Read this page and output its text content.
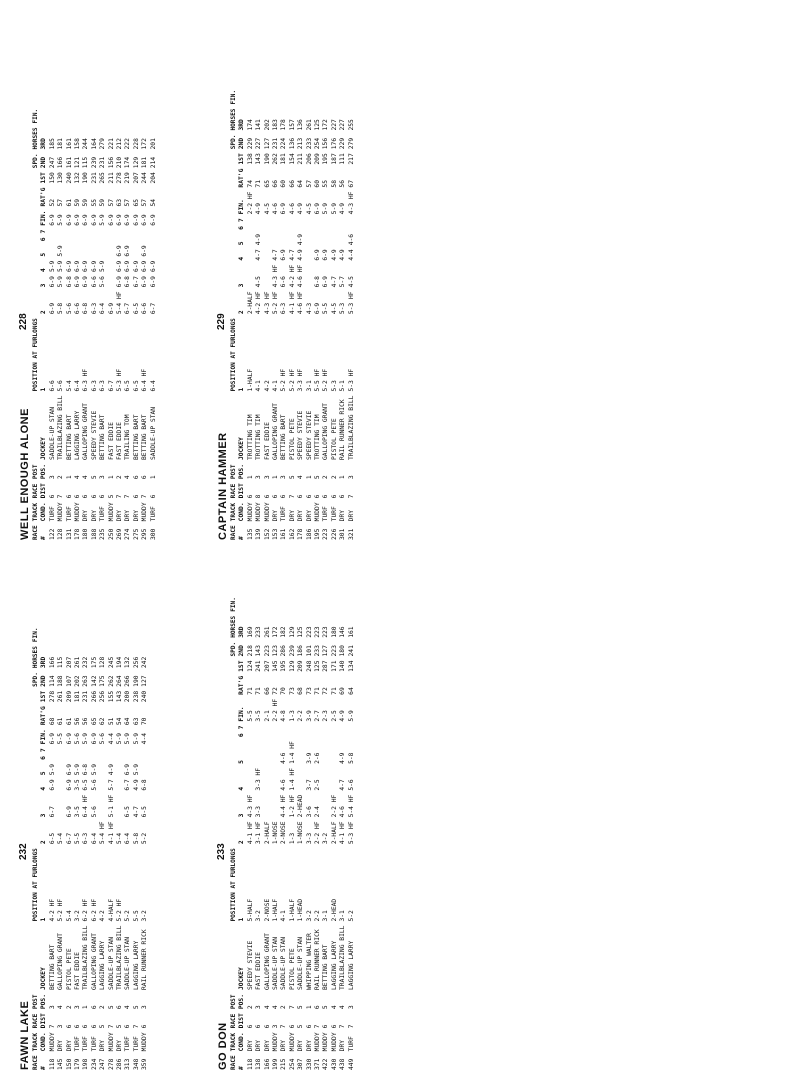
FAWN LAKE
232
RACE	TRACK	RACE	POST		POSITION AT FURLONGS										SPD.	HORSES	FIN.
#	COND.	DIST	POS.	JOCKEY	1	2	3	4	5	6	7	FIN.	RAT'G	1ST	2ND	3RD	
118	MUDDY	7	3	BETTING BART	4-2 HF	6-5	6-7	6-9	5-9			6-9	68	278	114	166	
145	DRY	3	4	GALLOPING GRANT	5-2 HF	5-4						5-5	61	261	188	115	
150	DRY	6	2	PISTOL PETE	5-4	6-7	6-9	6-9	6-9			6-9	61	209	107	207	
179	TURF	6	3	FAST EDDIE	3-2	5-5	3-5	3-5	5-9			5-6	56	181	202	261	
198	TURF	6	1	TRAILBLAZING BILL	6-2 HF	6-3	6-4 HF	6-5	6-8			5-9	56	231	263	232	
234	TURF	6	6	GALLOPING GRANT	6-2 HF	6-4	5-6	5-6	5-9			6-9	65	266	142	175	
247	DRY	5	2	LAGGING LARRY	4-2	5-4 HF						5-6	62	256	175	128	
278	MUDDY	7	5	SADDLE-UP STAN	4-HALF	4-1 HF	5-1 HF	5-7	4-9			4-4	51	155	262	245	
286	DRY	5	6	TRAILBLAZING BILL	5-2 HF	5-4						5-9	54	143	264	194	
313	TURF	6	4	SADDLE-UP STAN	5-2	6-4	6-5	6-7	6-9			5-9	64	200	266	132	
348	TURF	7	5	LAGGING LARRY	5-5	5-8	4-7	4-9	5-9			5-9	63	238	190	256	
359	MUDDY	6	3	RAIL RUNNER RICK	3-2	5-2	6-5	6-8				4-4	70	240	127	242	
GO DON
233
RACE	TRACK	RACE	POST		POSITION AT FURLONGS										SPD.	HORSES	FIN.
#	COND.	DIST	POS.	JOCKEY	1	2	3	4	5	6	7	FIN.	RAT'G	1ST	2ND	3RD	
118	DRY	6	2	SPEEDY STEVIE	5-HALF	4-1 HF	4-3 HF					5-5	71	124	218	169	
138	DRY	6	3	FAST EDDIE	3-2	3-1 HF	3-3	3-3 HF				3-5	71	241	143	233	
166	DRY	6	4	GALLOPING GRANT	2-NOSE	2-HALF						2-1	66	207	223	261	
199	MUDDY	3	4	SADDLE-UP STAN	1-HALF	1-NOSE						2-2 HF	72	145	123	172	
215	DRY	7	2	SADDLE-UP STAN	4-1	2-NOSE	4-4 HF	4-6	4-6			4-8	70	195	286	182	
254	MUDDY	6	7	PISTOL PETE	1-HALF	1-3	1-2 HF	1-4 HF	1-4 HF			1-3	73	129	239	129	
307	DRY	5	5	SADDLE-UP STAN	1-HEAD	1-NOSE	2-HEAD					2-2	68	209	186	125	
330	DRY	6	1	WHIPPING WALTER	3-2	3-3	3-6	3-7	3-9			3-9	73	248	101	223	
371	MUDDY	7	6	RAIL RUNNER RICK	2-2	2-2 HF	2-4	2-5	2-6			2-7	71	125	233	223	
422	MUDDY	6	5	BETTING BART	3-1	3-2						2-3	72	287	127	223	
430	MUDDY	6	4	LAGGING LARRY	2-HEAD	2-HALF	2-2 HF					2-5	71	171	223	180	
438	DRY	7	4	TRAILBLAZING BILL	3-1	4-1 HF	4-6	4-7	4-9			4-9	69	140	180	146	
449	TURF	7	3	LAGGING LARRY	5-2	5-3 HF	5-4 HF	5-6	5-8			5-9	64	134	241	161	
WELL ENOUGH ALONE
228
RACE	TRACK	RACE	POST		POSITION AT FURLONGS										SPD.	HORSES	FIN.
#	COND.	DIST	POS.	JOCKEY	1	2	3	4	5	6	7	FIN.	RAT'G	1ST	2ND	3RD	
122	TURF	6	3	SADDLE-UP STAN	6-6	6-9	6-9	5-9				6-9	52	150	247	185	
128	MUDDY	7	2	TRAILBLAZING BILL	5-6	5-8	5-9	5-9	5-9			5-9	57	130	166	181	
131	TURF	6	1	BETTING BART	5-4	5-6	6-8	6-9				6-9	61	240	161	161	
178	MUDDY	6	4	LAGGING LARRY	6-4	6-6	6-9	6-9				6-9	59	132	121	158	
180	DRY	6	4	GALLOPING GRANT	6-3 HF	6-8	6-9	6-9				6-9	59	190	115	244	
188	DRY	6	5	SPEEDY STEVIE	6-3	6-3	6-6	6-9				6-9	55	231	239	164	
235	TURF	6	3	BETTING BART	6-3	6-4	5-6	5-9				5-9	59	265	231	279	
250	MUDDY	5	1	FAST EDDIE	6-7	6-9						6-9	57	211	156	221	
269	DRY	7	2	FAST EDDIE	5-3 HF	5-4 HF	6-9	6-9	6-9			6-9	63	278	210	212	
274	DRY	7	4	TRAILING TOM	6-5	6-7	6-8	6-9	6-9			6-9	57	219	174	222	
275	DRY	6	6	BETTING BART	6-5	6-5	6-7	6-9				6-9	65	207	129	228	
295	MUDDY	7	6	BETTING BART	6-4 HF	6-6	6-9	6-9	6-9			6-9	57	244	181	172	
300	TURF	6	1	SADDLE-UP STAN	6-4	6-7	6-9	6-9				6-9	54	204	214	201	
CAPTAIN HAMMER
229
RACE	TRACK	RACE	POST		POSITION AT FURLONGS										SPD.	HORSES	FIN.
#	COND.	DIST	POS.	JOCKEY	1	2	3	4	5	6	7	FIN.	RAT'G	1ST	2ND	3RD	
135	MUDDY	6	1	TROTTING TIM	1-HALF	2-HALF						2-2 HF	74	138	229	174	
139	MUDDY	8	3	TROTTING TIM	4-1	4-2 HF	4-5	4-7	4-9			4-9	71	143	227	141	
152	MUDDY	6	3	FAST EDDIE	4-2	4-3 HF						4-5	65	190	127	202	
153	DRY	6	1	GALLOPING GRANT	4-1	5-2 HF	4-3 HF	4-7				4-6	66	262	231	183	
161	TURF	6	3	BETTING BART	5-2 HF	6-3	6-6	6-9				6-9	60	181	224	178	
162	DRY	7	5	PISTOL PETE	5-2 HF	4-1 HF	4-2 HF	4-7				4-6	66	154	136	157	
178	DRY	6	4	SPEEDY STEVIE	3-3 HF	4-6 HF	4-6 HF	4-9	4-9			4-9	64	211	213	136	
186	DRY	6	1	SPEEDY STEVIE	3-1	4-3						4-5	57	206	233	261	
195	MUDDY	6	5	TROTTING TIM	5-5 HF	6-9	6-8	6-9				6-9	60	209	254	125	
223	TURF	6	2	GALLOPING GRANT	5-2 HF	5-5	6-9	6-9				5-9	55	195	156	172	
226	TURF	6	2	PISTOL PETE	5-3	4-5	4-7	4-9				5-9	58	187	176	227	
301	DRY	6	1	RAIL RUNNER RICK	5-1	5-3	5-7	4-9				4-9	56	111	229	227	
321	DRY	7	3	TRAILBLAZING BILL	5-3 HF	5-3 HF	4-5	4-4	4-6			4-3 HF	67	217	279	255	
